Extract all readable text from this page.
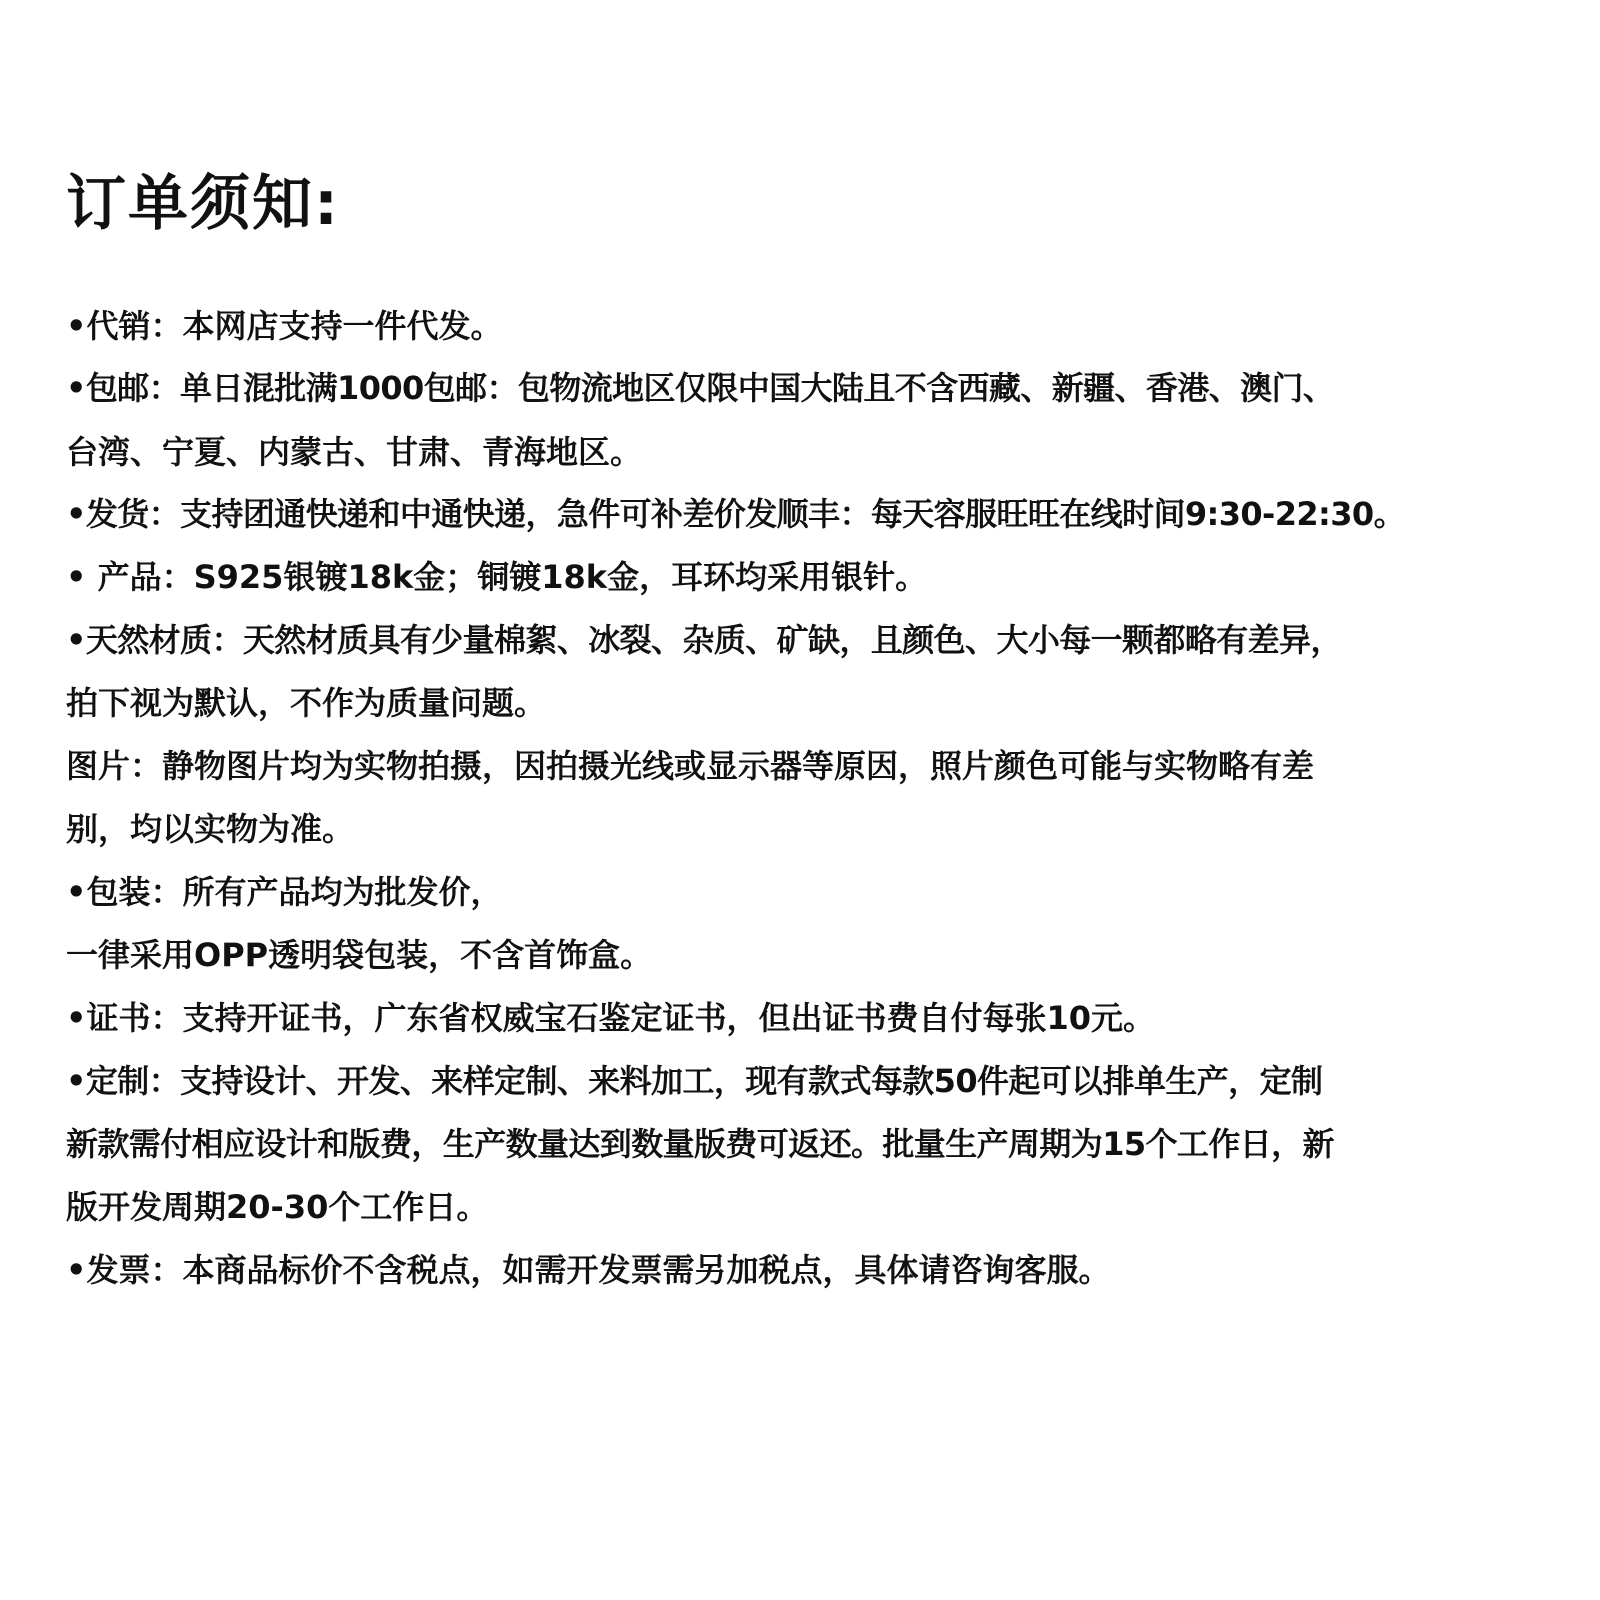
订单须知:
•代销：本网店支持一件代发。
•包邮：单日混批满1000包邮：包物流地区仅限中国大陆且不含西藏、新疆、香港、澳门、
台湾、宁夏、内蒙古、甘肃、青海地区。
•发货：支持团通快递和中通快递，急件可补差价发顺丰：每天容服旺旺在线时间9:30-22:30。
• 产品：S925银镀18k金；铜镀18k金，耳环均采用银针。
•天然材质：天然材质具有少量棉絮、冰裂、杂质、矿缺，且颜色、大小每一颗都略有差异，
拍下视为默认，不作为质量问题。
图片：静物图片均为实物拍摄，因拍摄光线或显示器等原因，照片颜色可能与实物略有差
别，均以实物为准。
•包装：所有产品均为批发价，
一律采用OPP透明袋包装，不含首饰盒。
•证书：支持开证书，广东省权威宝石鉴定证书，但出证书费自付每张10元。
•定制：支持设计、开发、来样定制、来料加工，现有款式每款50件起可以排单生产，定制
新款需付相应设计和版费，生产数量达到数量版费可返还。批量生产周期为15个工作日，新
版开发周期20-30个工作日。
•发票：本商品标价不含税点，如需开发票需另加税点，具体请咨询客服。
